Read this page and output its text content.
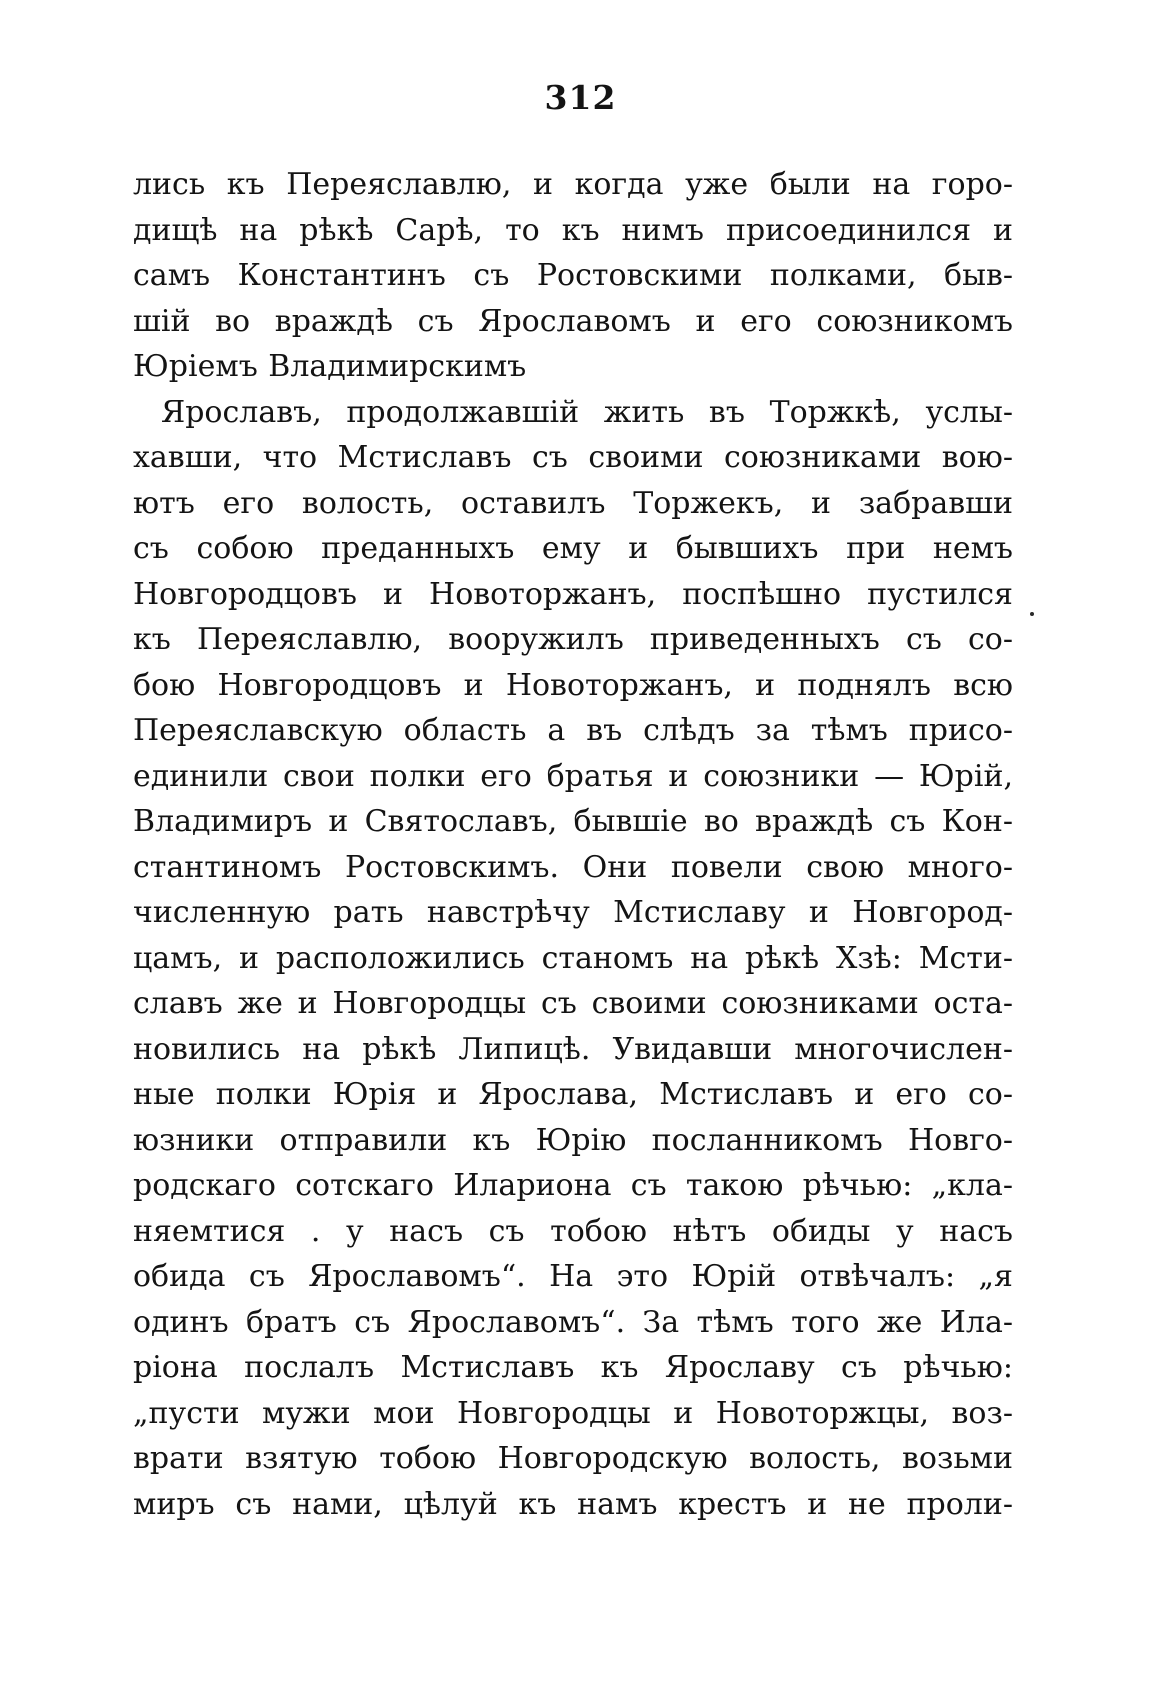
312
лись къ Переяславлю, и когда уже были на горо-
дищѣ на рѣкѣ Сарѣ, то къ нимъ присоединился и
самъ Константинъ съ Ростовскими полками, быв-
шій во враждѣ съ Ярославомъ и его союзникомъ
Юріемъ Владимирскимъ
Ярославъ, продолжавшій жить въ Торжкѣ, услы-
хавши, что Мстиславъ съ своими союзниками вою-
ютъ его волость, оставилъ Торжекъ, и забравши
съ собою преданныхъ ему и бывшихъ при немъ
Новгородцовъ и Новоторжанъ, поспѣшно пустился
къ Переяславлю, вооружилъ приведенныхъ съ со-
бою Новгородцовъ и Новоторжанъ, и поднялъ всю
Переяславскую область а въ слѣдъ за тѣмъ присо-
единили свои полки его братья и союзники — Юрій,
Владимиръ и Святославъ, бывшіе во враждѣ съ Кон-
стантиномъ Ростовскимъ. Они повели свою много-
численную рать навстрѣчу Мстиславу и Новгород-
цамъ, и расположились станомъ на рѣкѣ Хзѣ: Мсти-
славъ же и Новгородцы съ своими союзниками оста-
новились на рѣкѣ Липицѣ. Увидавши многочислен-
ные полки Юрія и Ярослава, Мстиславъ и его со-
юзники отправили къ Юрію посланникомъ Новго-
родскаго сотскаго Илариона съ такою рѣчью: „кла-
няемтися . у насъ съ тобою нѣтъ обиды у насъ
обида съ Ярославомъ“. На это Юрій отвѣчалъ: „я
одинъ братъ съ Ярославомъ“. За тѣмъ того же Ила-
ріона послалъ Мстиславъ къ Ярославу съ рѣчью:
„пусти мужи мои Новгородцы и Новоторжцы, воз-
врати взятую тобою Новгородскую волость, возьми
миръ съ нами, цѣлуй къ намъ крестъ и не проли-
